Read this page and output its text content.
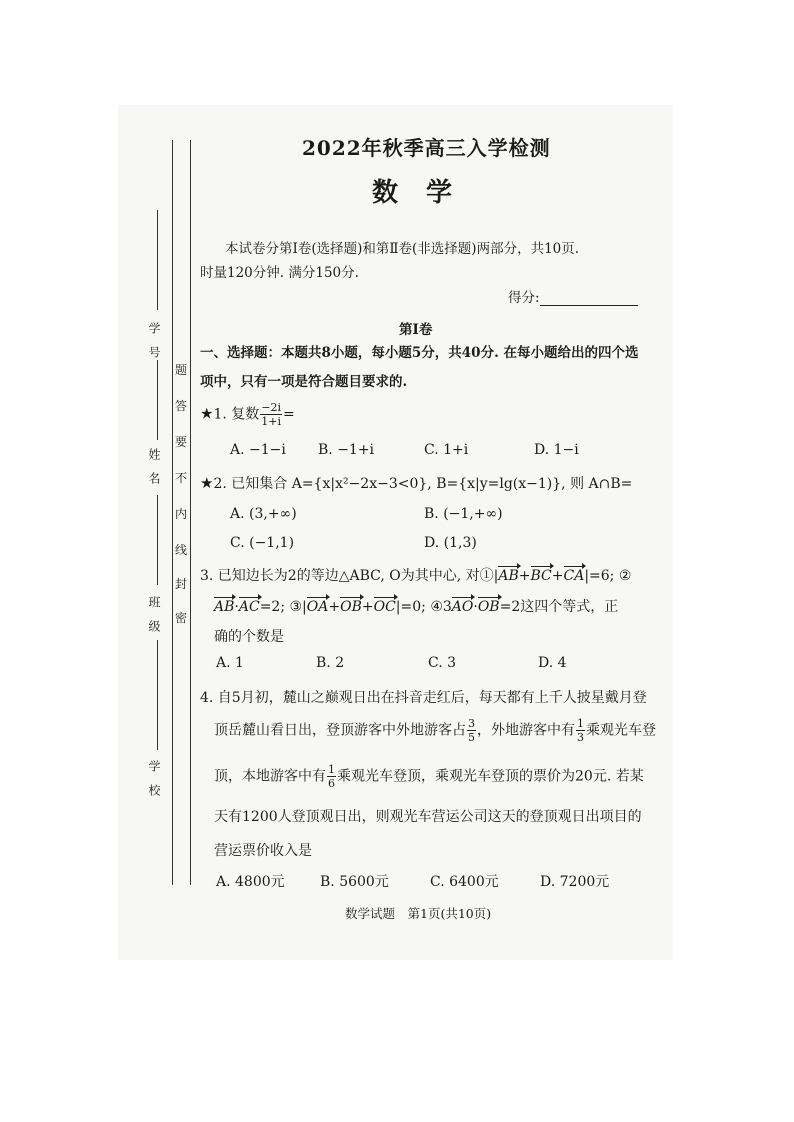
学　号
姓　名
班　级
学　校
密
封
线
内
不
要
答
题
2022年秋季高三入学检测
数学
本试卷分第Ⅰ卷(选择题)和第Ⅱ卷(非选择题)两部分，共10页.
时量120分钟. 满分150分.
得分:
第Ⅰ卷
一、选择题：本题共8小题，每小题5分，共40分. 在每小题给出的四个选
项中，只有一项是符合题目要求的.
★1. 复数 $\frac{-2i}{1+i}$ =
A. −1−i B. −1+i	C. 1+i	D. 1−i
★2. 已知集合 A={x|x²−2x−3<0}, B={x|y=lg(x−1)}, 则 A∩B=
A. (3,+∞)	B. (−1,+∞)
C. (−1,1)	D. (1,3)
3. 已知边长为2的等边△ABC, O为其中心, 对①|AB+BC+CA|=6; ②
AB·AC=2; ③|OA+OB+OC|=0; ④3AO·OB=2这四个等式，正
确的个数是
A. 1	B. 2	C. 3	D. 4
4. 自5月初，麓山之巅观日出在抖音走红后，每天都有上千人披星戴月登
顶岳麓山看日出，登顶游客中外地游客占 $\frac{3}{5}$ ，外地游客中有 $\frac{1}{3}$ 乘观光车登
顶，本地游客中有 $\frac{1}{6}$ 乘观光车登顶，乘观光车登顶的票价为20元. 若某
天有1200人登顶观日出，则观光车营运公司这天的登顶观日出项目的
营运票价收入是
A. 4800元	B. 5600元	C. 6400元	D. 7200元
数学试题　第1页(共10页)
